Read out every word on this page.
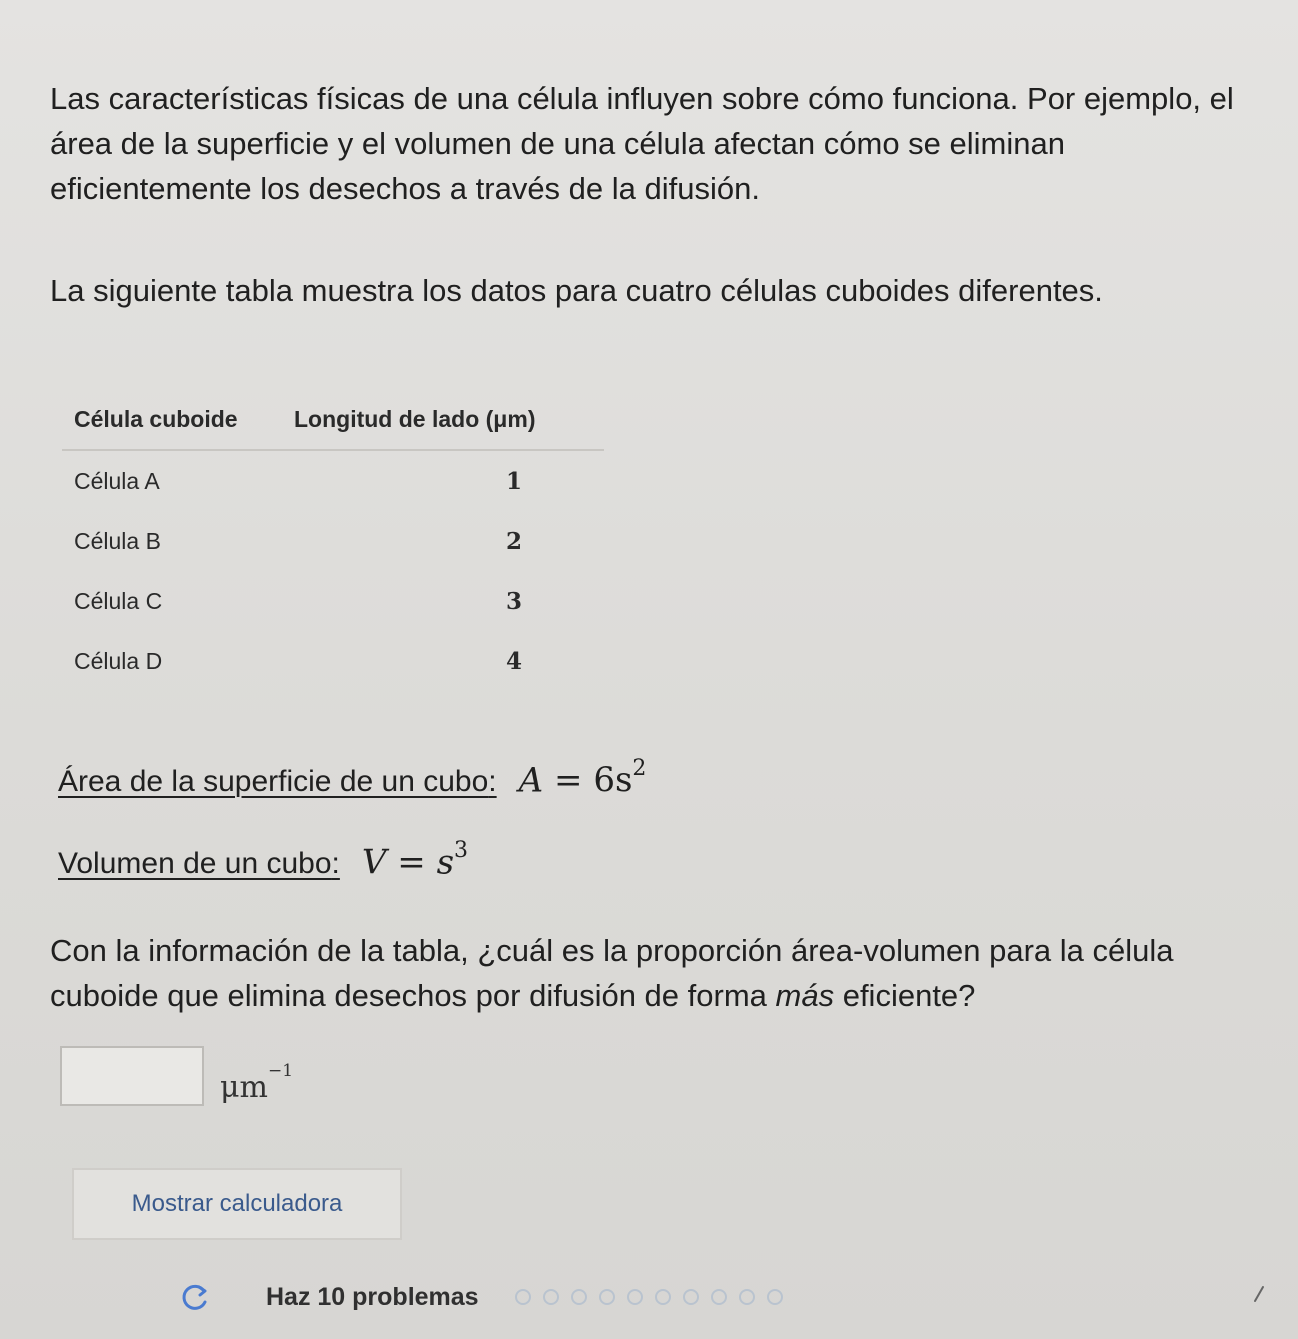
Las características físicas de una célula influyen sobre cómo funciona. Por ejemplo, el área de la superficie y el volumen de una célula afectan cómo se eliminan eficientemente los desechos a través de la difusión.

La siguiente tabla muestra los datos para cuatro células cuboides diferentes.

Célula cuboide	Longitud de lado (μm)
Célula A	1
Célula B	2
Célula C	3
Célula D	4
Área de la superficie de un cubo: $A = 6s^2$
Volumen de un cubo: $V = s^3$

Con la información de la tabla, ¿cuál es la proporción área-volumen para la célula cuboide que elimina desechos por difusión de forma más eficiente?

$\mu m^{-1}$
Mostrar calculadora
Haz 10 problemas
